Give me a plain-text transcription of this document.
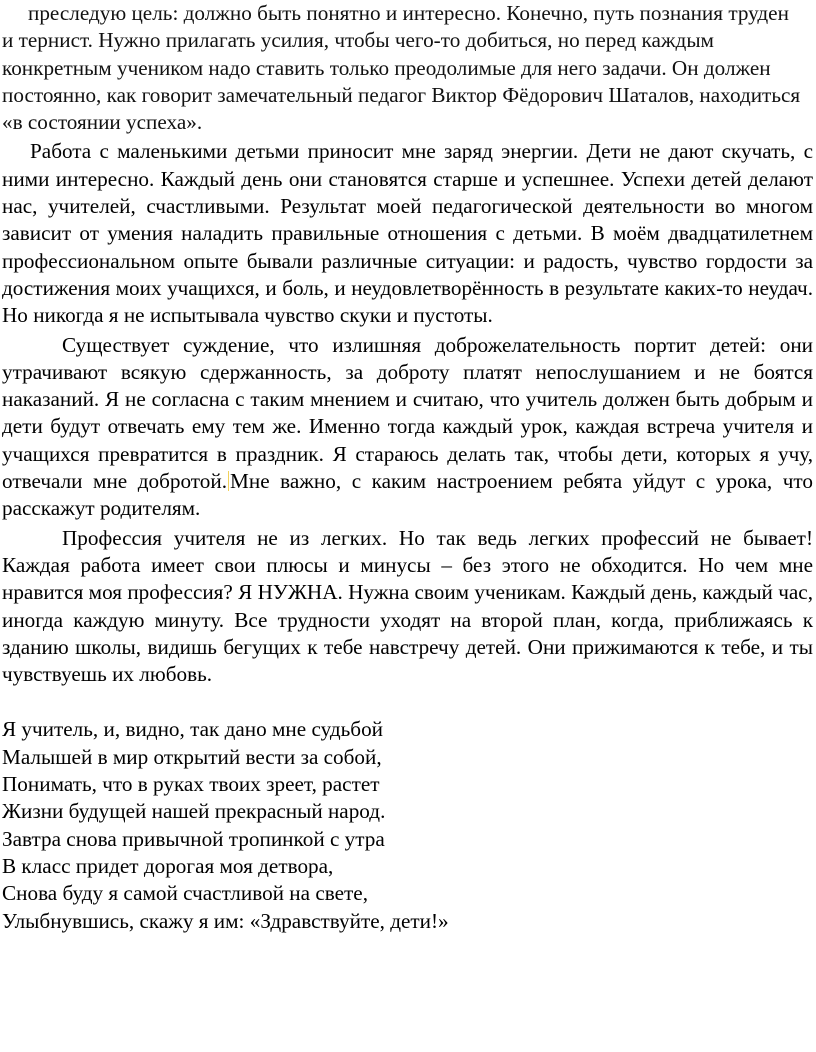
преследую цель: должно быть понятно и интересно. Конечно, путь познания труден и тернист. Нужно прилагать усилия, чтобы чего-то добиться, но перед каждым конкретным учеником надо ставить только преодолимые для него задачи. Он должен постоянно, как говорит замечательный педагог Виктор Фёдорович Шаталов, находиться «в состоянии успеха».

Работа с маленькими детьми приносит мне заряд энергии. Дети не дают скучать, с ними интересно. Каждый день они становятся старше и успешнее. Успехи детей делают нас, учителей, счастливыми. Результат моей педагогической деятельности во многом зависит от умения наладить правильные отношения с детьми. В моём двадцатилетнем профессиональном опыте бывали различные ситуации: и радость, чувство гордости за достижения моих учащихся, и боль, и неудовлетворённость в результате каких-то неудач. Но никогда я не испытывала чувство скуки и пустоты.

Существует суждение, что излишняя доброжелательность портит детей: они утрачивают всякую сдержанность, за доброту платят непослушанием и не боятся наказаний. Я не согласна с таким мнением и считаю, что учитель должен быть добрым и дети будут отвечать ему тем же. Именно тогда каждый урок, каждая встреча учителя и учащихся превратится в праздник. Я стараюсь делать так, чтобы дети, которых я учу, отвечали мне добротой. Мне важно, с каким настроением ребята уйдут с урока, что расскажут родителям.

Профессия учителя не из легких. Но так ведь легких профессий не бывает! Каждая работа имеет свои плюсы и минусы – без этого не обходится. Но чем мне нравится моя профессия? Я НУЖНА. Нужна своим ученикам. Каждый день, каждый час, иногда каждую минуту. Все трудности уходят на второй план, когда, приближаясь к зданию школы, видишь бегущих к тебе навстречу детей. Они прижимаются к тебе, и ты чувствуешь их любовь.

Я учитель, и, видно, так дано мне судьбой
Малышей в мир открытий вести за собой,
Понимать, что в руках твоих зреет, растет
Жизни будущей нашей прекрасный народ.
Завтра снова привычной тропинкой с утра
В класс придет дорогая моя детвора,
Снова буду я самой счастливой на свете,
Улыбнувшись, скажу я им: «Здравствуйте, дети!»
